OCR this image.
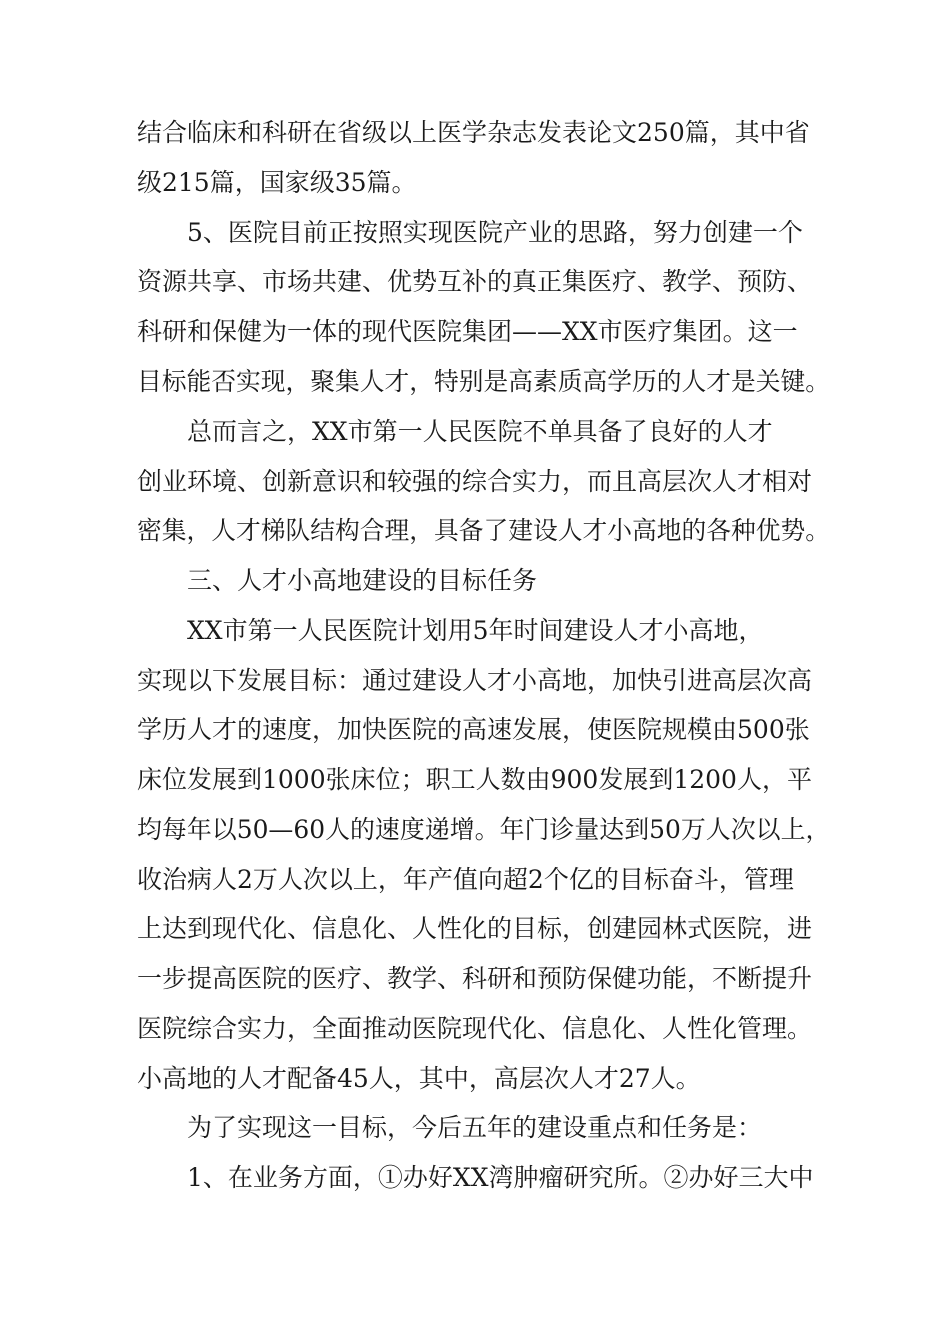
结合临床和科研在省级以上医学杂志发表论文250篇，其中省
级215篇，国家级35篇。
5、医院目前正按照实现医院产业的思路，努力创建一个
资源共享、市场共建、优势互补的真正集医疗、教学、预防、
科研和保健为一体的现代医院集团——XX市医疗集团。这一
目标能否实现，聚集人才，特别是高素质高学历的人才是关键。
总而言之，XX市第一人民医院不单具备了良好的人才
创业环境、创新意识和较强的综合实力，而且高层次人才相对
密集，人才梯队结构合理，具备了建设人才小高地的各种优势。
三、人才小高地建设的目标任务
XX市第一人民医院计划用5年时间建设人才小高地，
实现以下发展目标：通过建设人才小高地，加快引进高层次高
学历人才的速度，加快医院的高速发展，使医院规模由500张
床位发展到1000张床位；职工人数由900发展到1200人，平
均每年以50—60人的速度递增。年门诊量达到50万人次以上，
收治病人2万人次以上，年产值向超2个亿的目标奋斗，管理
上达到现代化、信息化、人性化的目标，创建园林式医院，进
一步提高医院的医疗、教学、科研和预防保健功能，不断提升
医院综合实力，全面推动医院现代化、信息化、人性化管理。
小高地的人才配备45人，其中，高层次人才27人。
为了实现这一目标，今后五年的建设重点和任务是：
1、在业务方面，①办好XX湾肿瘤研究所。②办好三大中
